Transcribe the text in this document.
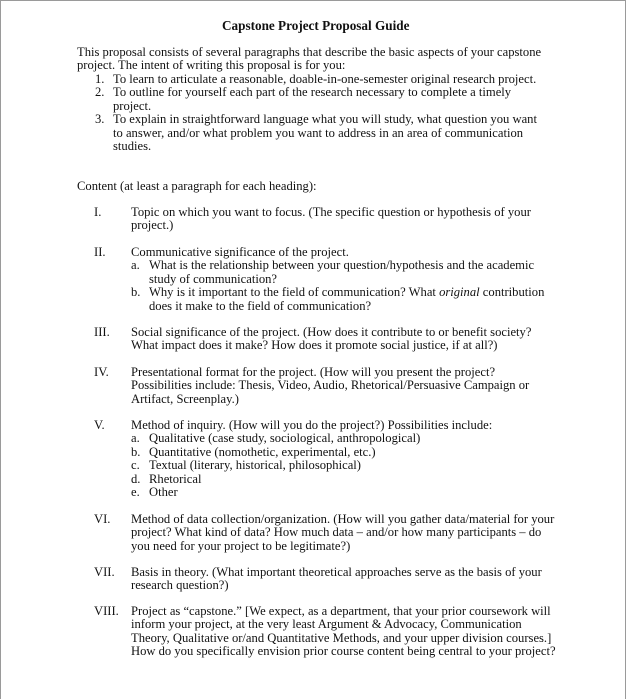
Capstone Project Proposal Guide
This proposal consists of several paragraphs that describe the basic aspects of your capstone project. The intent of writing this proposal is for you:
1. To learn to articulate a reasonable, doable-in-one-semester original research project.
2. To outline for yourself each part of the research necessary to complete a timely project.
3. To explain in straightforward language what you will study, what question you want to answer, and/or what problem you want to address in an area of communication studies.
Content (at least a paragraph for each heading):
I. Topic on which you want to focus. (The specific question or hypothesis of your project.)
II. Communicative significance of the project.
a. What is the relationship between your question/hypothesis and the academic study of communication?
b. Why is it important to the field of communication? What original contribution does it make to the field of communication?
III. Social significance of the project. (How does it contribute to or benefit society? What impact does it make? How does it promote social justice, if at all?)
IV. Presentational format for the project. (How will you present the project? Possibilities include: Thesis, Video, Audio, Rhetorical/Persuasive Campaign or Artifact, Screenplay.)
V. Method of inquiry. (How will you do the project?) Possibilities include:
a. Qualitative (case study, sociological, anthropological)
b. Quantitative (nomothetic, experimental, etc.)
c. Textual (literary, historical, philosophical)
d. Rhetorical
e. Other
VI. Method of data collection/organization. (How will you gather data/material for your project? What kind of data? How much data – and/or how many participants – do you need for your project to be legitimate?)
VII. Basis in theory. (What important theoretical approaches serve as the basis of your research question?)
VIII. Project as “capstone.” [We expect, as a department, that your prior coursework will inform your project, at the very least Argument & Advocacy, Communication Theory, Qualitative or/and Quantitative Methods, and your upper division courses.] How do you specifically envision prior course content being central to your project?
